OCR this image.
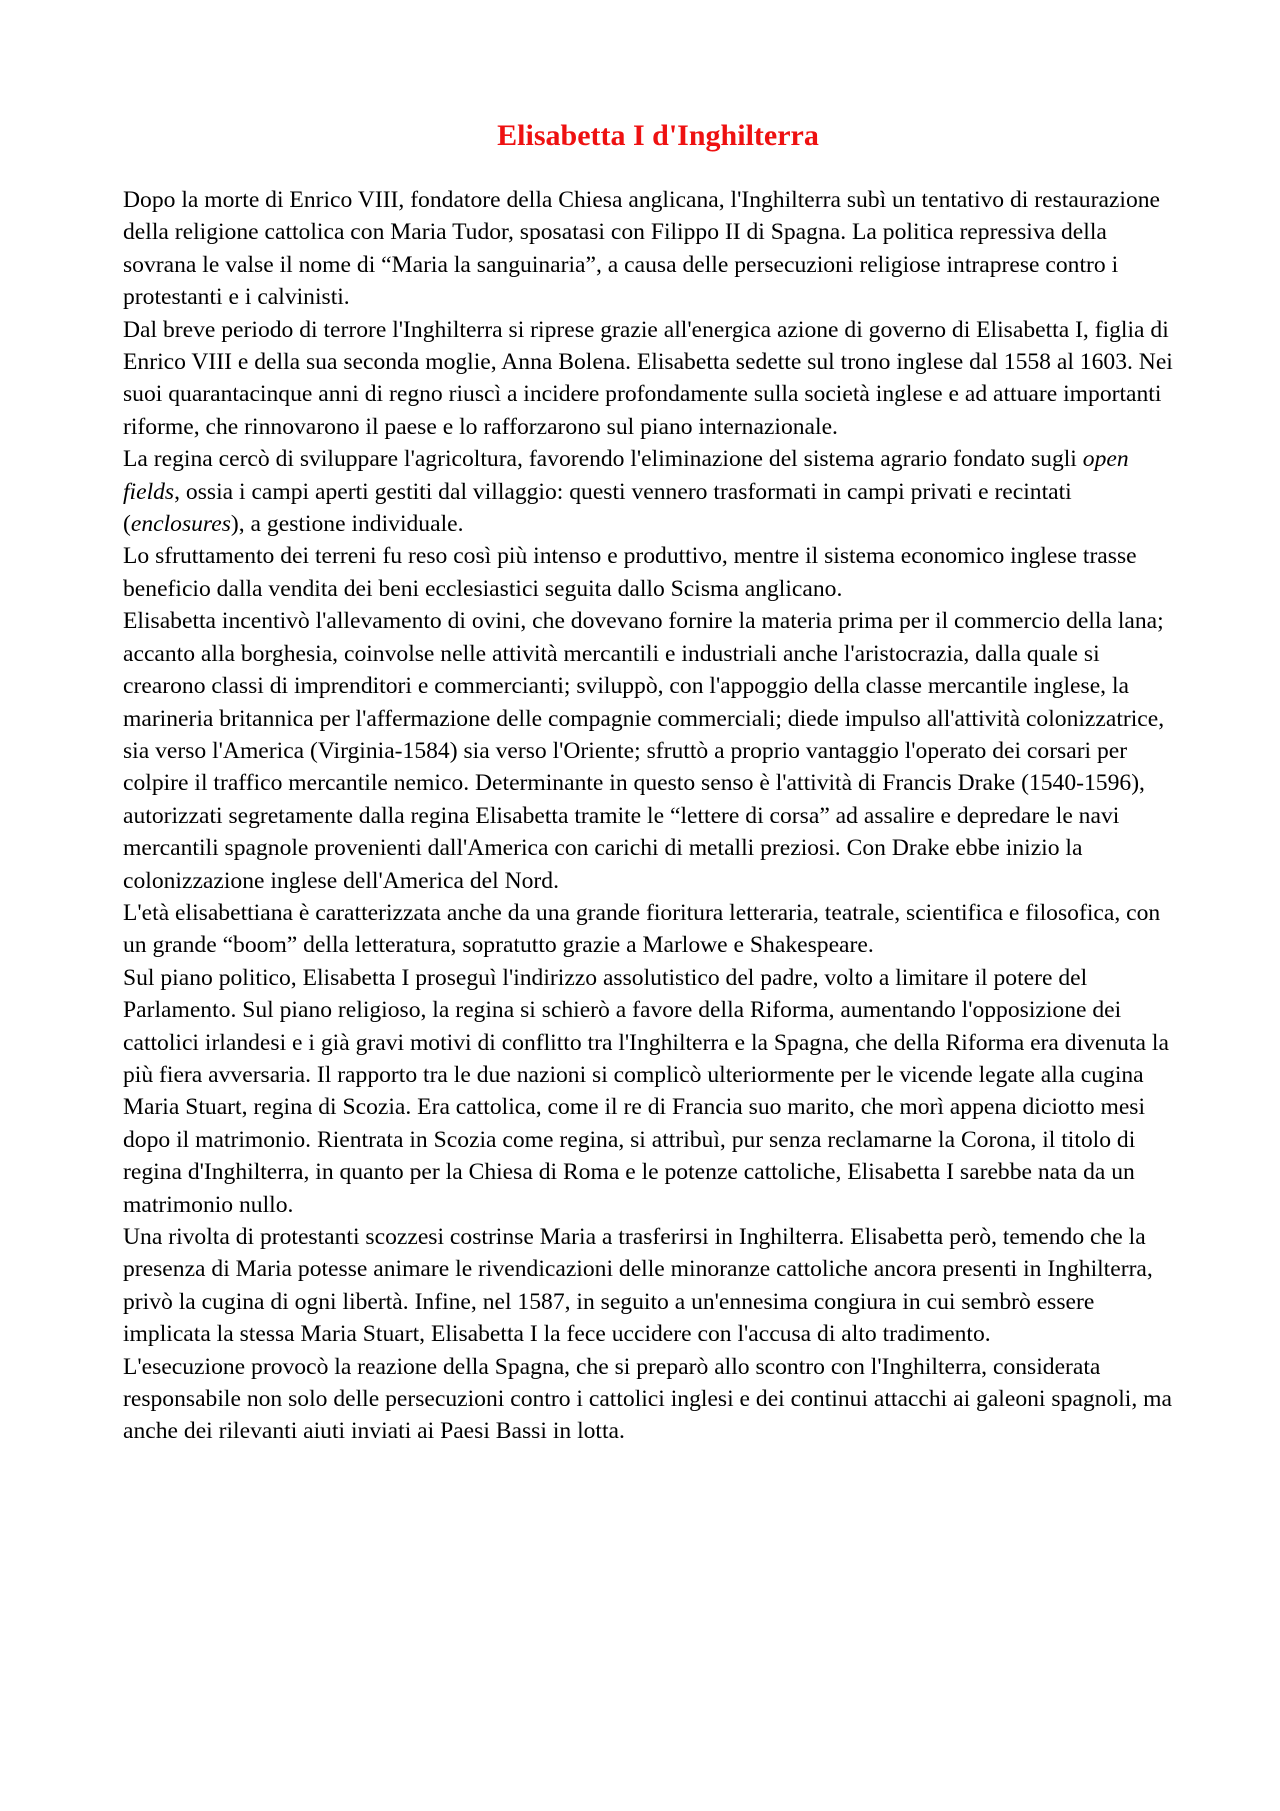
Elisabetta I d'Inghilterra

Dopo la morte di Enrico VIII, fondatore della Chiesa anglicana, l'Inghilterra subì un tentativo di restaurazione della religione cattolica con Maria Tudor, sposatasi con Filippo II di Spagna. La politica repressiva della sovrana le valse il nome di “Maria la sanguinaria”, a causa delle persecuzioni religiose intraprese contro i protestanti e i calvinisti.

Dal breve periodo di terrore l'Inghilterra si riprese grazie all'energica azione di governo di Elisabetta I, figlia di Enrico VIII e della sua seconda moglie, Anna Bolena. Elisabetta sedette sul trono inglese dal 1558 al 1603. Nei suoi quarantacinque anni di regno riuscì a incidere profondamente sulla società inglese e ad attuare importanti riforme, che rinnovarono il paese e lo rafforzarono sul piano internazionale.

La regina cercò di sviluppare l'agricoltura, favorendo l'eliminazione del sistema agrario fondato sugli open fields, ossia i campi aperti gestiti dal villaggio: questi vennero trasformati in campi privati e recintati (enclosures), a gestione individuale.

Lo sfruttamento dei terreni fu reso così più intenso e produttivo, mentre il sistema economico inglese trasse beneficio dalla vendita dei beni ecclesiastici seguita dallo Scisma anglicano.

Elisabetta incentivò l'allevamento di ovini, che dovevano fornire la materia prima per il commercio della lana; accanto alla borghesia, coinvolse nelle attività mercantili e industriali anche l'aristocrazia, dalla quale si crearono classi di imprenditori e commercianti; sviluppò, con l'appoggio della classe mercantile inglese, la marineria britannica per l'affermazione delle compagnie commerciali; diede impulso all'attività colonizzatrice, sia verso l'America (Virginia-1584) sia verso l'Oriente; sfruttò a proprio vantaggio l'operato dei corsari per colpire il traffico mercantile nemico. Determinante in questo senso è l'attività di Francis Drake (1540-1596), autorizzati segretamente dalla regina Elisabetta tramite le “lettere di corsa” ad assalire e depredare le navi mercantili spagnole provenienti dall'America con carichi di metalli preziosi. Con Drake ebbe inizio la colonizzazione inglese dell'America del Nord.

L'età elisabettiana è caratterizzata anche da una grande fioritura letteraria, teatrale, scientifica e filosofica, con un grande “boom” della letteratura, sopratutto grazie a Marlowe e Shakespeare.

Sul piano politico, Elisabetta I proseguì l'indirizzo assolutistico del padre, volto a limitare il potere del Parlamento. Sul piano religioso, la regina si schierò a favore della Riforma, aumentando l'opposizione dei cattolici irlandesi e i già gravi motivi di conflitto tra l'Inghilterra e la Spagna, che della Riforma era divenuta la più fiera avversaria. Il rapporto tra le due nazioni si complicò ulteriormente per le vicende legate alla cugina Maria Stuart, regina di Scozia. Era cattolica, come il re di Francia suo marito, che morì appena diciotto mesi dopo il matrimonio. Rientrata in Scozia come regina, si attribuì, pur senza reclamarne la Corona, il titolo di regina d'Inghilterra, in quanto per la Chiesa di Roma e le potenze cattoliche, Elisabetta I sarebbe nata da un matrimonio nullo.

Una rivolta di protestanti scozzesi costrinse Maria a trasferirsi in Inghilterra. Elisabetta però, temendo che la presenza di Maria potesse animare le rivendicazioni delle minoranze cattoliche ancora presenti in Inghilterra, privò la cugina di ogni libertà. Infine, nel 1587, in seguito a un'ennesima congiura in cui sembrò essere implicata la stessa Maria Stuart, Elisabetta I la fece uccidere con l'accusa di alto tradimento.

L'esecuzione provocò la reazione della Spagna, che si preparò allo scontro con l'Inghilterra, considerata responsabile non solo delle persecuzioni contro i cattolici inglesi e dei continui attacchi ai galeoni spagnoli, ma anche dei rilevanti aiuti inviati ai Paesi Bassi in lotta.
